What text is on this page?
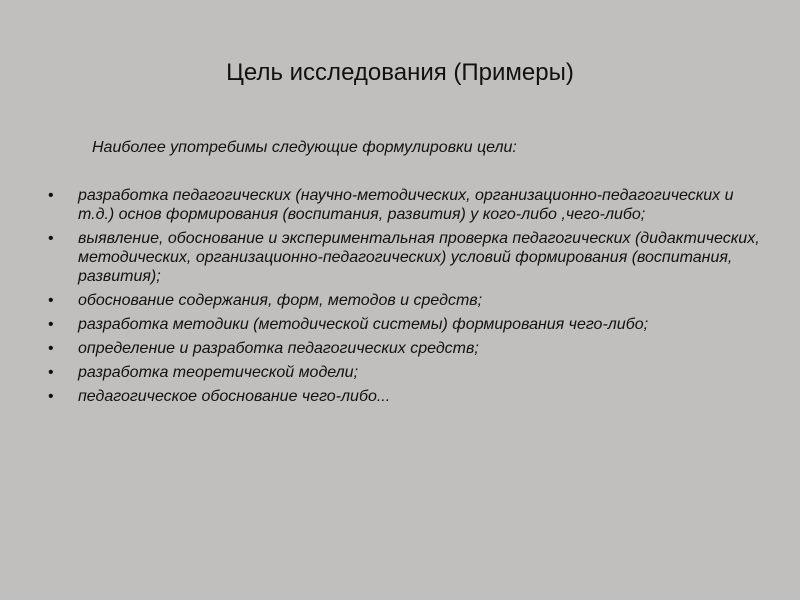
Цель исследования (Примеры)

Наиболее употребимы следующие формулировки цели:

• разработка педагогических (научно-методических, организационно-педагогических и т.д.) основ формирования (воспитания, развития) у кого-либо ,чего-либо;
• выявление, обоснование и экспериментальная проверка педагогических (дидактических, методических, организационно-педагогических) условий формирования (воспитания, развития);
• обоснование содержания, форм, методов и средств;
• разработка методики (методической системы) формирования чего-либо;
• определение и разработка педагогических средств;
• разработка теоретической модели;
• педагогическое обоснование чего-либо...
